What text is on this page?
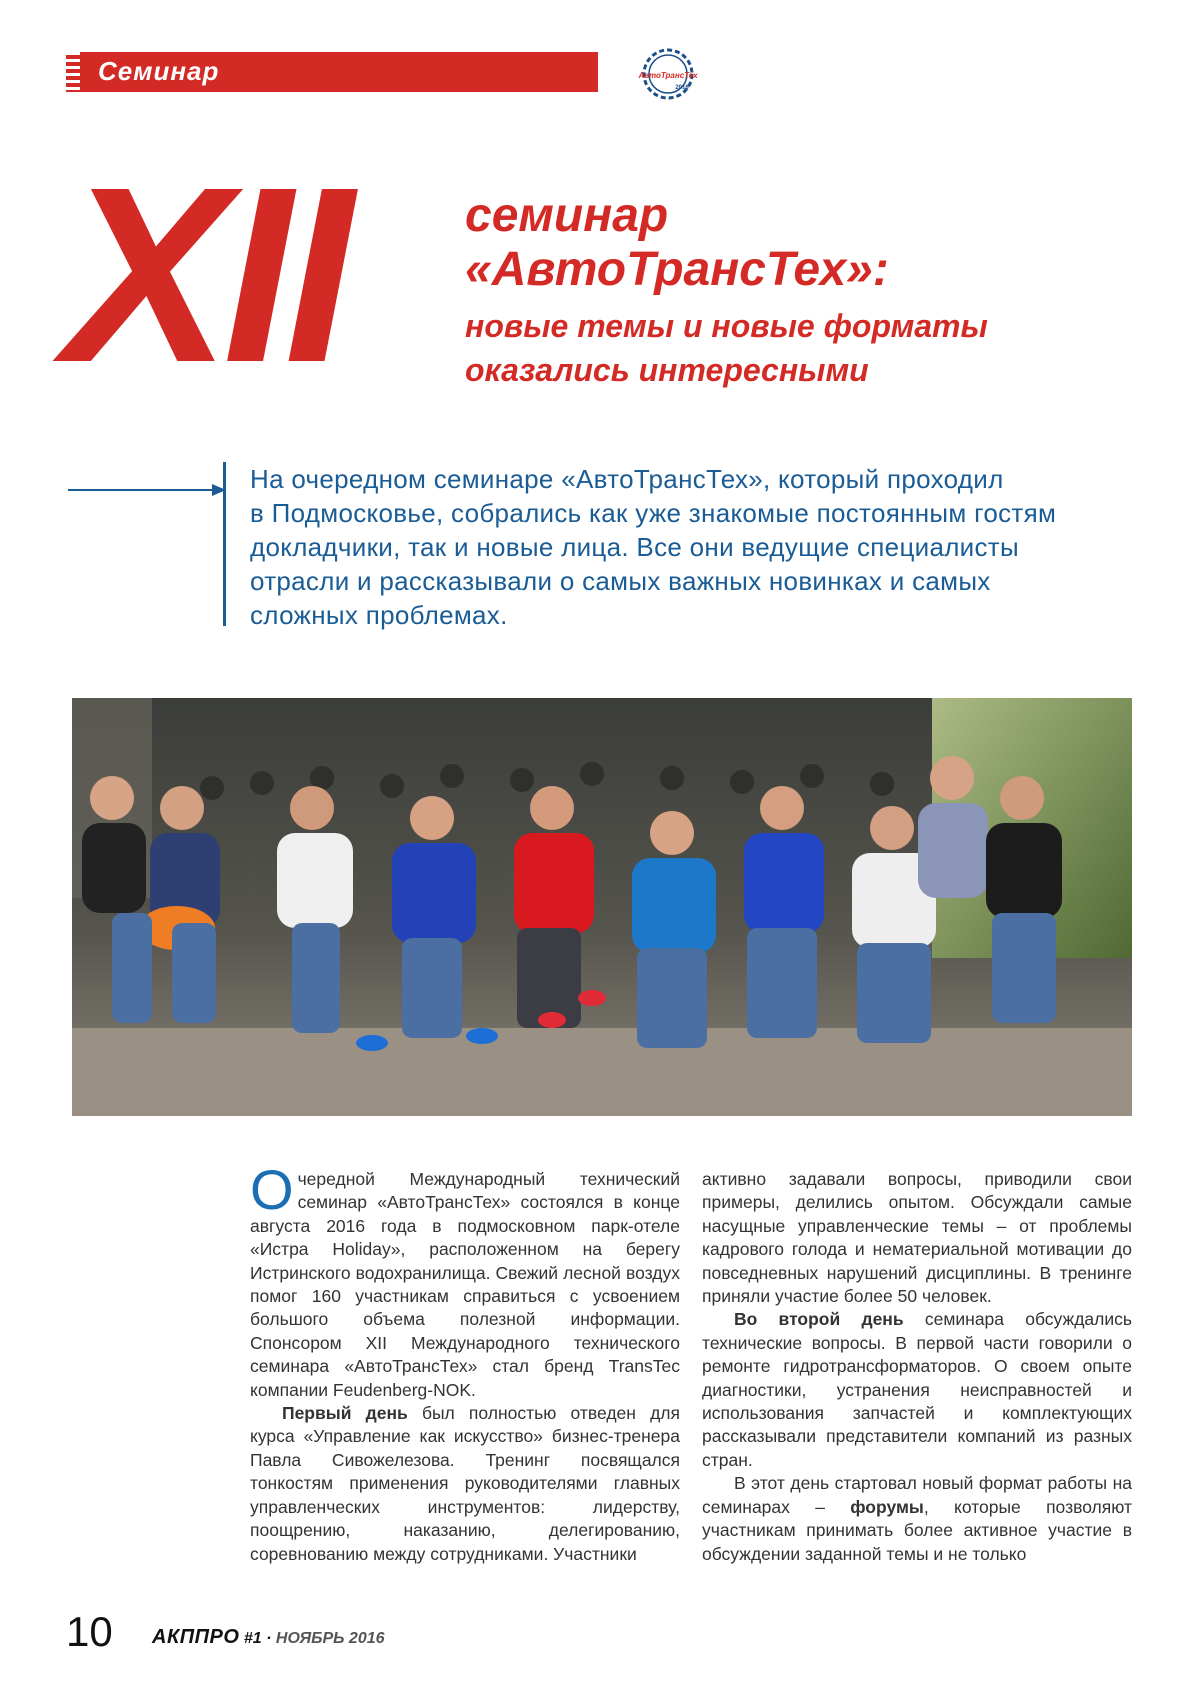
Семинар	АвтоТрансТех
2016
XII семинар
«АвтоТрансТех»:
новые темы и новые форматы
оказались интересными
На очередном семинаре «АвтоТрансТех», который проходил
в Подмосковье, собрались как уже знакомые постоянным гостям
докладчики, так и новые лица. Все они ведущие специалисты
отрасли и рассказывали о самых важных новинках и самых
сложных проблемах.

Очередной Международный технический семинар «АвтоТрансТех» состоялся в конце августа 2016 года в подмосковном парк-отеле «Истра Holiday», расположенном на берегу Истринского водохранилища. Свежий лесной воздух помог 160 участникам справиться с усвоением большого объема полезной информации. Спонсором XII Международного технического семинара «АвтоТрансТех» стал бренд TransTec компании Feudenberg-NOK.

Первый день был полностью отведен для курса «Управление как искусство» бизнес-тренера Павла Сивожелезова. Тренинг посвящался тонкостям применения руководителями главных управленческих инструментов: лидерству, поощрению, наказанию, делегированию, соревнованию между сотрудниками. Участники

активно задавали вопросы, приводили свои примеры, делились опытом. Обсуждали самые насущные управленческие темы – от проблемы кадрового голода и нематериальной мотивации до повседневных нарушений дисциплины. В тренинге приняли участие более 50 человек.

Во второй день семинара обсуждались технические вопросы. В первой части говорили о ремонте гидротрансформаторов. О своем опыте диагностики, устранения неисправностей и использования запчастей и комплектующих рассказывали представители компаний из разных стран.

В этот день стартовал новый формат работы на семинарах – форумы, которые позволяют участникам принимать более активное участие в обсуждении заданной темы и не только

10 АКППРО #1 · НОЯБРЬ 2016
